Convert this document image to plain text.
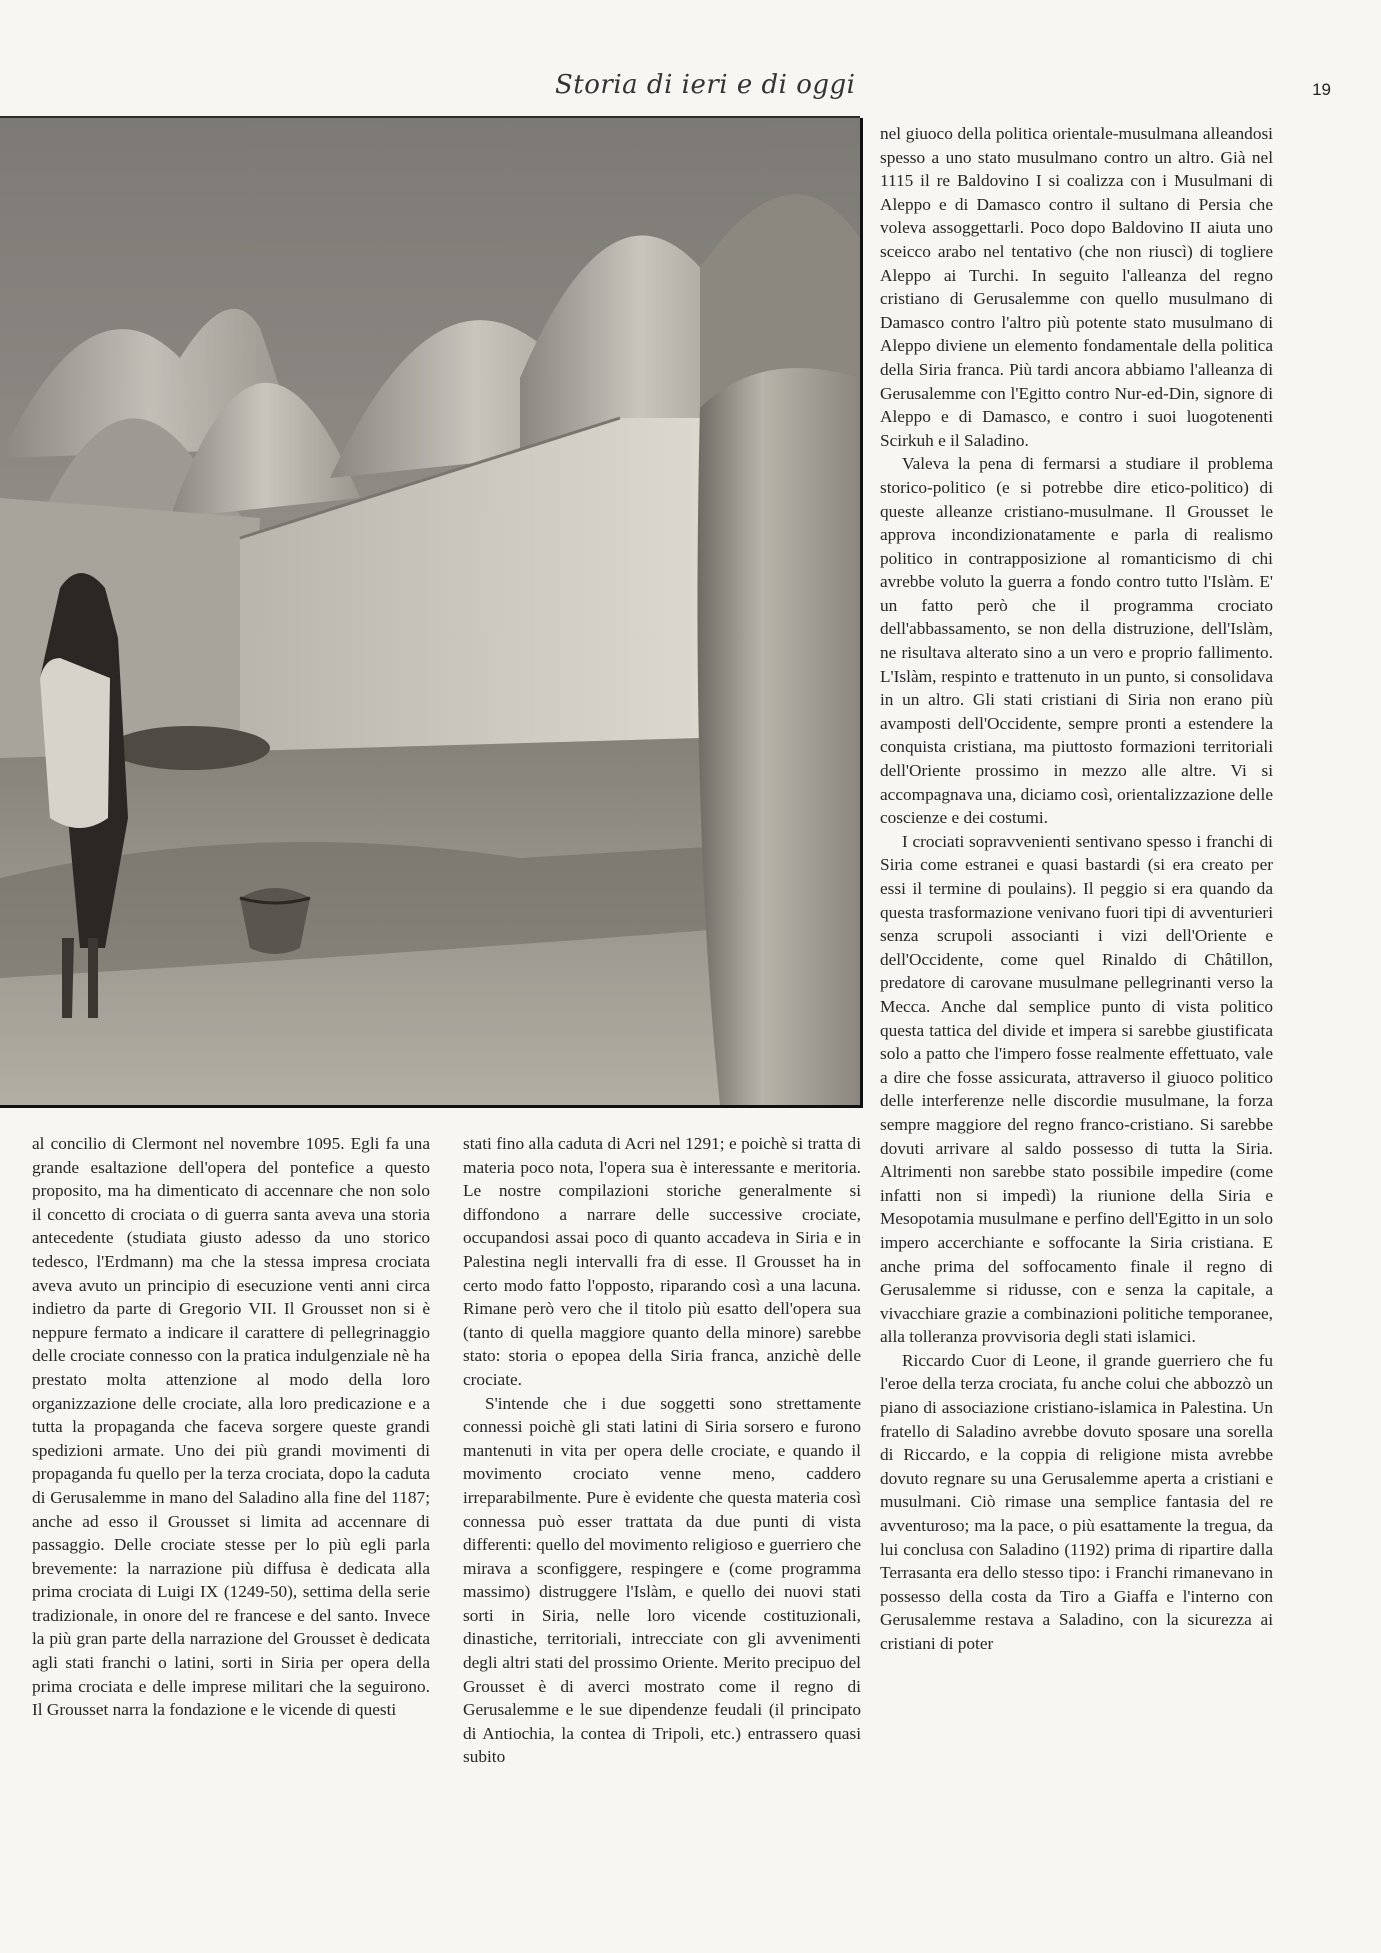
Storia di ieri e di oggi	19

nel giuoco della politica orientale-musulmana alleandosi spesso a uno stato musulmano contro un altro. Già nel 1115 il re Baldovino I si coalizza con i Musulmani di Aleppo e di Damasco contro il sultano di Persia che voleva assoggettarli. Poco dopo Baldovino II aiuta uno sceicco arabo nel tentativo (che non riuscì) di togliere Aleppo ai Turchi. In seguito l'alleanza del regno cristiano di Gerusalemme con quello musulmano di Damasco contro l'altro più potente stato musulmano di Aleppo diviene un elemento fondamentale della politica della Siria franca. Più tardi ancora abbiamo l'alleanza di Gerusalemme con l'Egitto contro Nur-ed-Din, signore di Aleppo e di Damasco, e contro i suoi luogotenenti Scirkuh e il Saladino.

Valeva la pena di fermarsi a studiare il problema storico-politico (e si potrebbe dire etico-politico) di queste alleanze cristiano-musulmane. Il Grousset le approva incondizionatamente e parla di realismo politico in contrapposizione al romanticismo di chi avrebbe voluto la guerra a fondo contro tutto l'Islàm. E' un fatto però che il programma crociato dell'abbassamento, se non della distruzione, dell'Islàm, ne risultava alterato sino a un vero e proprio fallimento. L'Islàm, respinto e trattenuto in un punto, si consolidava in un altro. Gli stati cristiani di Siria non erano più avamposti dell'Occidente, sempre pronti a estendere la conquista cristiana, ma piuttosto formazioni territoriali dell'Oriente prossimo in mezzo alle altre. Vi si accompagnava una, diciamo così, orientalizzazione delle coscienze e dei costumi.

I crociati sopravvenienti sentivano spesso i franchi di Siria come estranei e quasi bastardi (si era creato per essi il termine di poulains). Il peggio si era quando da questa trasformazione venivano fuori tipi di avventurieri senza scrupoli associanti i vizi dell'Oriente e dell'Occidente, come quel Rinaldo di Châtillon, predatore di carovane musulmane pellegrinanti verso la Mecca. Anche dal semplice punto di vista politico questa tattica del divide et impera si sarebbe giustificata solo a patto che l'impero fosse realmente effettuato, vale a dire che fosse assicurata, attraverso il giuoco politico delle interferenze nelle discordie musulmane, la forza sempre maggiore del regno franco-cristiano. Si sarebbe dovuti arrivare al saldo possesso di tutta la Siria. Altrimenti non sarebbe stato possibile impedire (come infatti non si impedì) la riunione della Siria e Mesopotamia musulmane e perfino dell'Egitto in un solo impero accerchiante e soffocante la Siria cristiana. E anche prima del soffocamento finale il regno di Gerusalemme si ridusse, con e senza la capitale, a vivacchiare grazie a combinazioni politiche temporanee, alla tolleranza provvisoria degli stati islamici.

Riccardo Cuor di Leone, il grande guerriero che fu l'eroe della terza crociata, fu anche colui che abbozzò un piano di associazione cristiano-islamica in Palestina. Un fratello di Saladino avrebbe dovuto sposare una sorella di Riccardo, e la coppia di religione mista avrebbe dovuto regnare su una Gerusalemme aperta a cristiani e musulmani. Ciò rimase una semplice fantasia del re avventuroso; ma la pace, o più esattamente la tregua, da lui conclusa con Saladino (1192) prima di ripartire dalla Terrasanta era dello stesso tipo: i Franchi rimanevano in possesso della costa da Tiro a Giaffa e l'interno con Gerusalemme restava a Saladino, con la sicurezza ai cristiani di poter

al concilio di Clermont nel novembre 1095. Egli fa una grande esaltazione dell'opera del pontefice a questo proposito, ma ha dimenticato di accennare che non solo il concetto di crociata o di guerra santa aveva una storia antecedente (studiata giusto adesso da uno storico tedesco, l'Erdmann) ma che la stessa impresa crociata aveva avuto un principio di esecuzione venti anni circa indietro da parte di Gregorio VII. Il Grousset non si è neppure fermato a indicare il carattere di pellegrinaggio delle crociate connesso con la pratica indulgenziale nè ha prestato molta attenzione al modo della loro organizzazione delle crociate, alla loro predicazione e a tutta la propaganda che faceva sorgere queste grandi spedizioni armate. Uno dei più grandi movimenti di propaganda fu quello per la terza crociata, dopo la caduta di Gerusalemme in mano del Saladino alla fine del 1187; anche ad esso il Grousset si limita ad accennare di passaggio. Delle crociate stesse per lo più egli parla brevemente: la narrazione più diffusa è dedicata alla prima crociata di Luigi IX (1249-50), settima della serie tradizionale, in onore del re francese e del santo. Invece la più gran parte della narrazione del Grousset è dedicata agli stati franchi o latini, sorti in Siria per opera della prima crociata e delle imprese militari che la seguirono. Il Grousset narra la fondazione e le vicende di questi

stati fino alla caduta di Acri nel 1291; e poichè si tratta di materia poco nota, l'opera sua è interessante e meritoria. Le nostre compilazioni storiche generalmente si diffondono a narrare delle successive crociate, occupandosi assai poco di quanto accadeva in Siria e in Palestina negli intervalli fra di esse. Il Grousset ha in certo modo fatto l'opposto, riparando così a una lacuna. Rimane però vero che il titolo più esatto dell'opera sua (tanto di quella maggiore quanto della minore) sarebbe stato: storia o epopea della Siria franca, anzichè delle crociate.

S'intende che i due soggetti sono strettamente connessi poichè gli stati latini di Siria sorsero e furono mantenuti in vita per opera delle crociate, e quando il movimento crociato venne meno, caddero irreparabilmente. Pure è evidente che questa materia così connessa può esser trattata da due punti di vista differenti: quello del movimento religioso e guerriero che mirava a sconfiggere, respingere e (come programma massimo) distruggere l'Islàm, e quello dei nuovi stati sorti in Siria, nelle loro vicende costituzionali, dinastiche, territoriali, intrecciate con gli avvenimenti degli altri stati del prossimo Oriente. Merito precipuo del Grousset è di averci mostrato come il regno di Gerusalemme e le sue dipendenze feudali (il principato di Antiochia, la contea di Tripoli, etc.) entrassero quasi subito
